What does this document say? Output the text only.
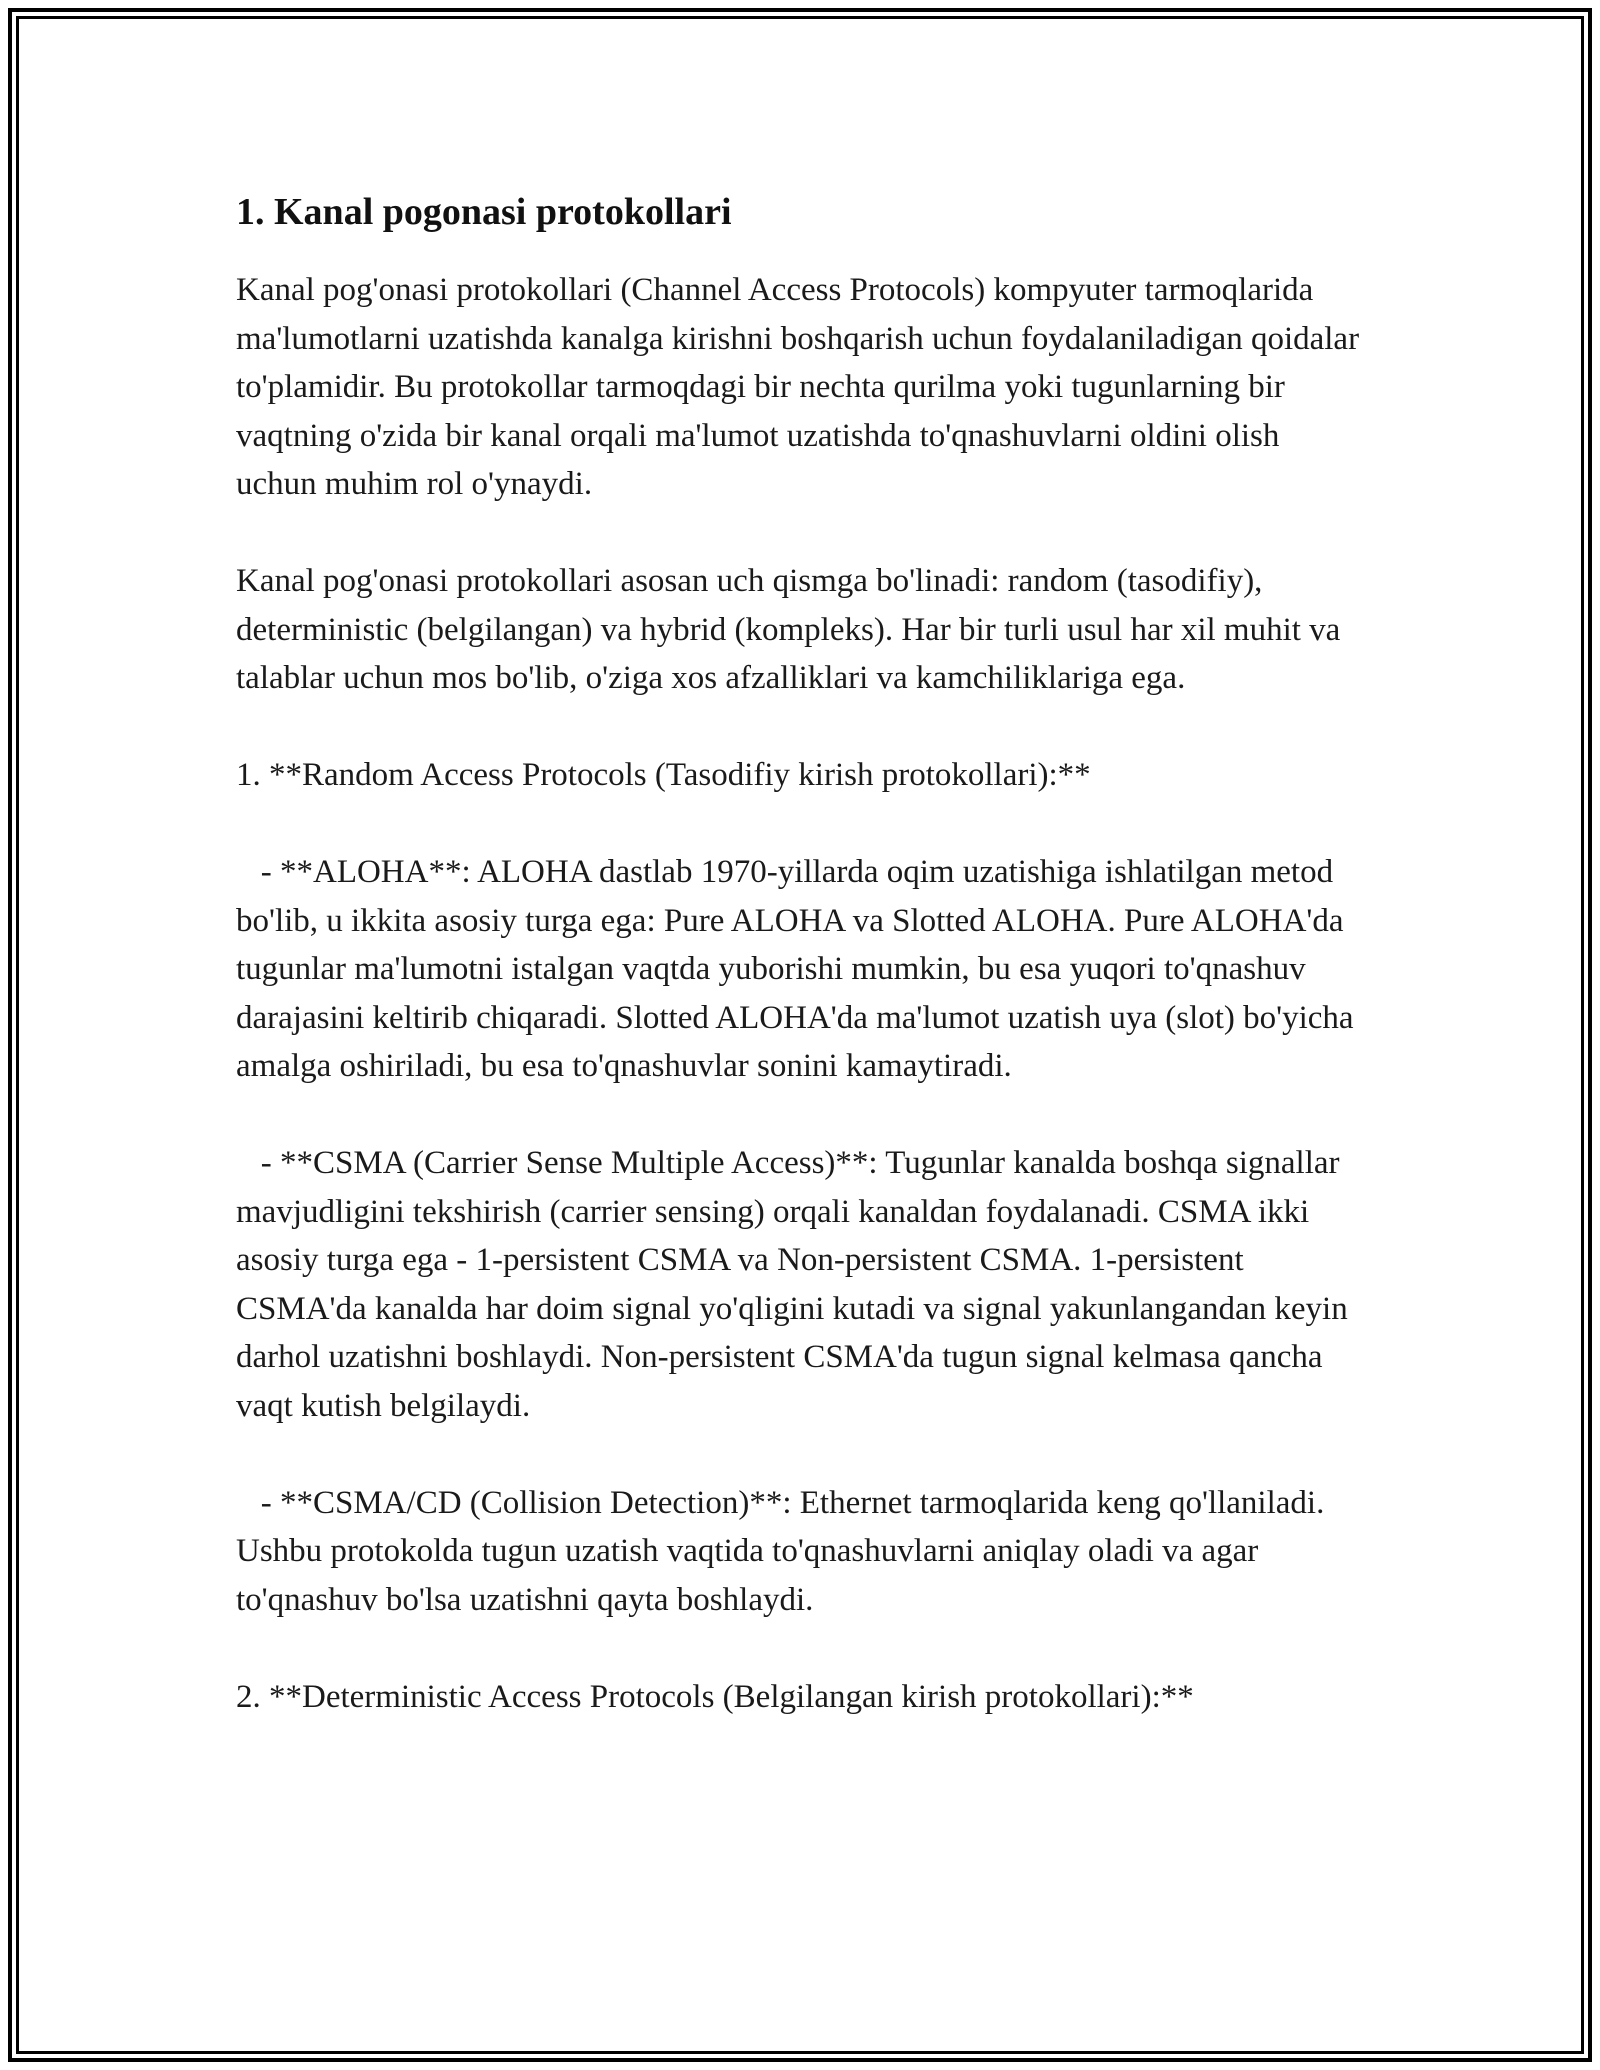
1. Kanal pogonasi protokollari

Kanal pog'onasi protokollari (Channel Access Protocols) kompyuter tarmoqlarida ma'lumotlarni uzatishda kanalga kirishni boshqarish uchun foydalaniladigan qoidalar to'plamidir. Bu protokollar tarmoqdagi bir nechta qurilma yoki tugunlarning bir vaqtning o'zida bir kanal orqali ma'lumot uzatishda to'qnashuvlarni oldini olish uchun muhim rol o'ynaydi.

Kanal pog'onasi protokollari asosan uch qismga bo'linadi: random (tasodifiy), deterministic (belgilangan) va hybrid (kompleks). Har bir turli usul har xil muhit va talablar uchun mos bo'lib, o'ziga xos afzalliklari va kamchiliklariga ega.

1. **Random Access Protocols (Tasodifiy kirish protokollari):**

- **ALOHA**: ALOHA dastlab 1970-yillarda oqim uzatishiga ishlatilgan metod bo'lib, u ikkita asosiy turga ega: Pure ALOHA va Slotted ALOHA. Pure ALOHA'da tugunlar ma'lumotni istalgan vaqtda yuborishi mumkin, bu esa yuqori to'qnashuv darajasini keltirib chiqaradi. Slotted ALOHA'da ma'lumot uzatish uya (slot) bo'yicha amalga oshiriladi, bu esa to'qnashuvlar sonini kamaytiradi.

- **CSMA (Carrier Sense Multiple Access)**: Tugunlar kanalda boshqa signallar mavjudligini tekshirish (carrier sensing) orqali kanaldan foydalanadi. CSMA ikki asosiy turga ega - 1-persistent CSMA va Non-persistent CSMA. 1-persistent CSMA'da kanalda har doim signal yo'qligini kutadi va signal yakunlangandan keyin darhol uzatishni boshlaydi. Non-persistent CSMA'da tugun signal kelmasa qancha vaqt kutish belgilaydi.

- **CSMA/CD (Collision Detection)**: Ethernet tarmoqlarida keng qo'llaniladi. Ushbu protokolda tugun uzatish vaqtida to'qnashuvlarni aniqlay oladi va agar to'qnashuv bo'lsa uzatishni qayta boshlaydi.

2. **Deterministic Access Protocols (Belgilangan kirish protokollari):**
